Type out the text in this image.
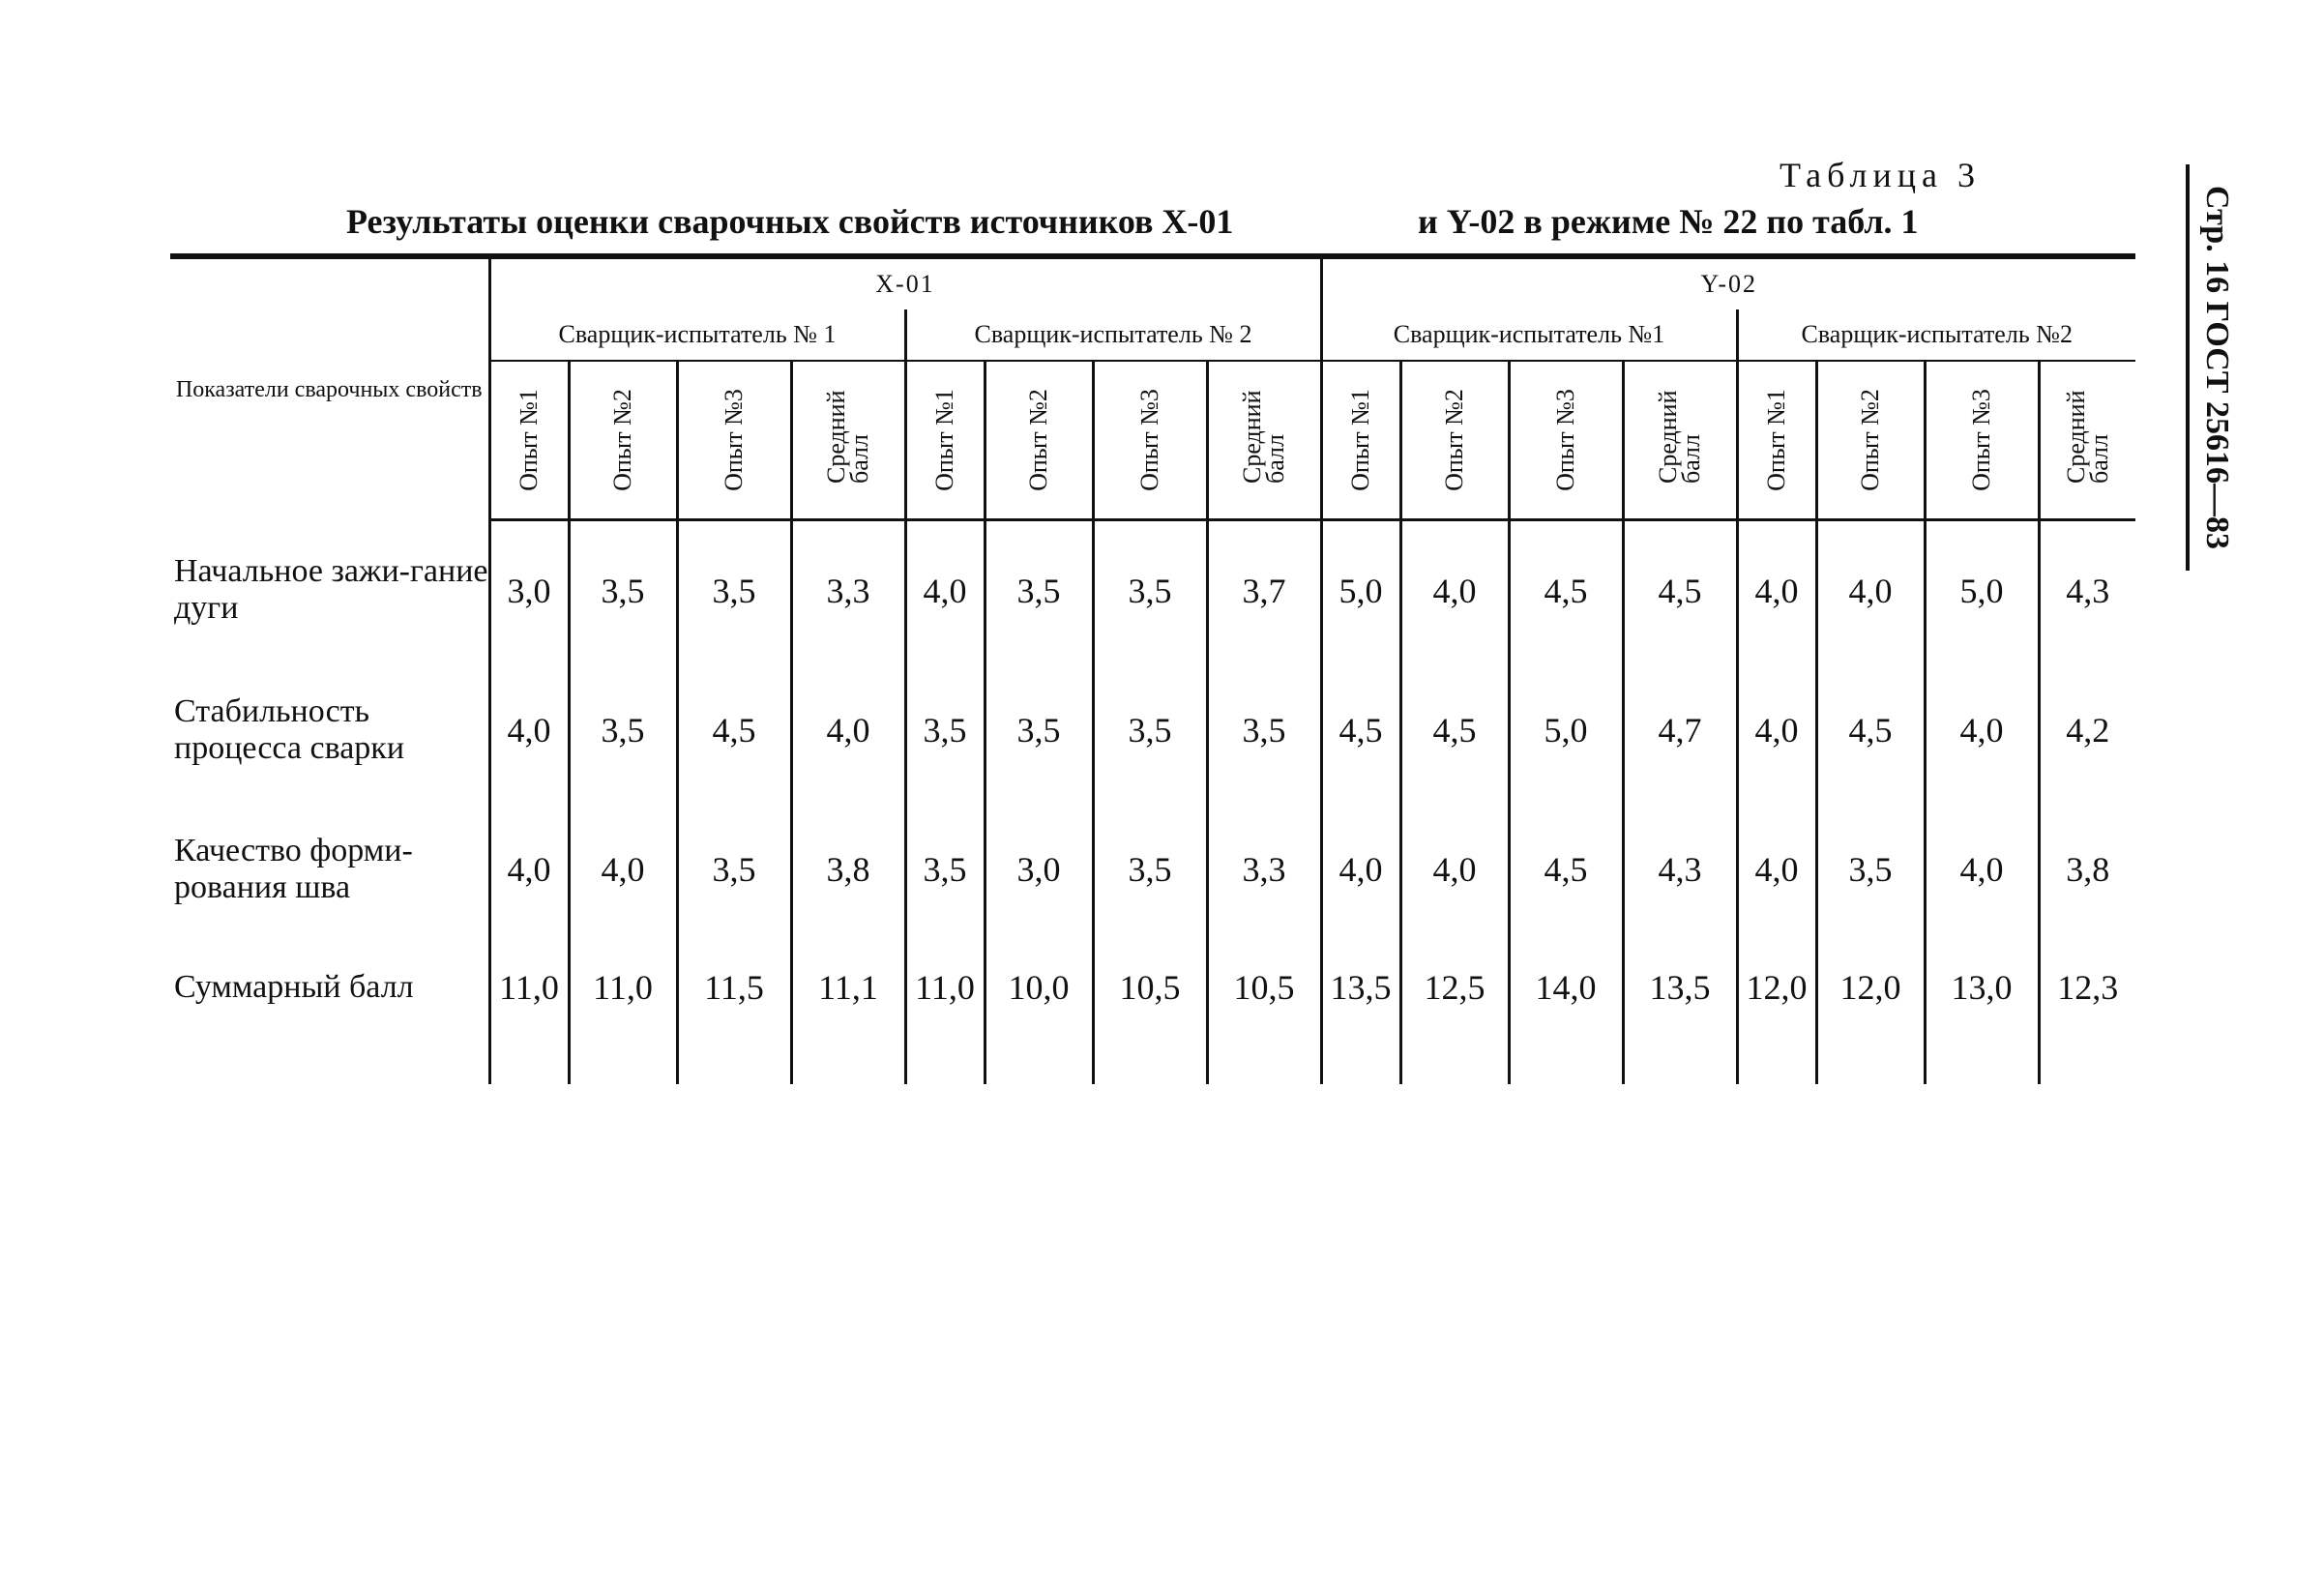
Таблица 3
Результаты оценки сварочных свойств источников X-01	и Y-02 в режиме № 22 по табл. 1	Стр. 16 ГОСТ 25616—83
Показатели сварочных свойств	X-01								Y-02							
	Сварщик-испытатель № 1				Сварщик-испытатель № 2				Сварщик-испытатель №1				Сварщик-испытатель №2			

	Опыт №1	Опыт №2	Опыт №3	Средний балл	Опыт №1	Опыт №2	Опыт №3	Средний балл	Опыт №1	Опыт №2	Опыт №3	Средний балл	Опыт №1	Опыт №2	Опыт №3	Средний балл

Начальное зажи-гание дуги	3,0	3,5	3,5	3,3	4,0	3,5	3,5	3,7	5,0	4,0	4,5	4,5	4,0	4,0	5,0	4,3
Стабильность процесса сварки	4,0	3,5	4,5	4,0	3,5	3,5	3,5	3,5	4,5	4,5	5,0	4,7	4,0	4,5	4,0	4,2
Качество форми-рования шва	4,0	4,0	3,5	3,8	3,5	3,0	3,5	3,3	4,0	4,0	4,5	4,3	4,0	3,5	4,0	3,8
Суммарный балл	11,0	11,0	11,5	11,1	11,0	10,0	10,5	10,5	13,5	12,5	14,0	13,5	12,0	12,0	13,0	12,3
